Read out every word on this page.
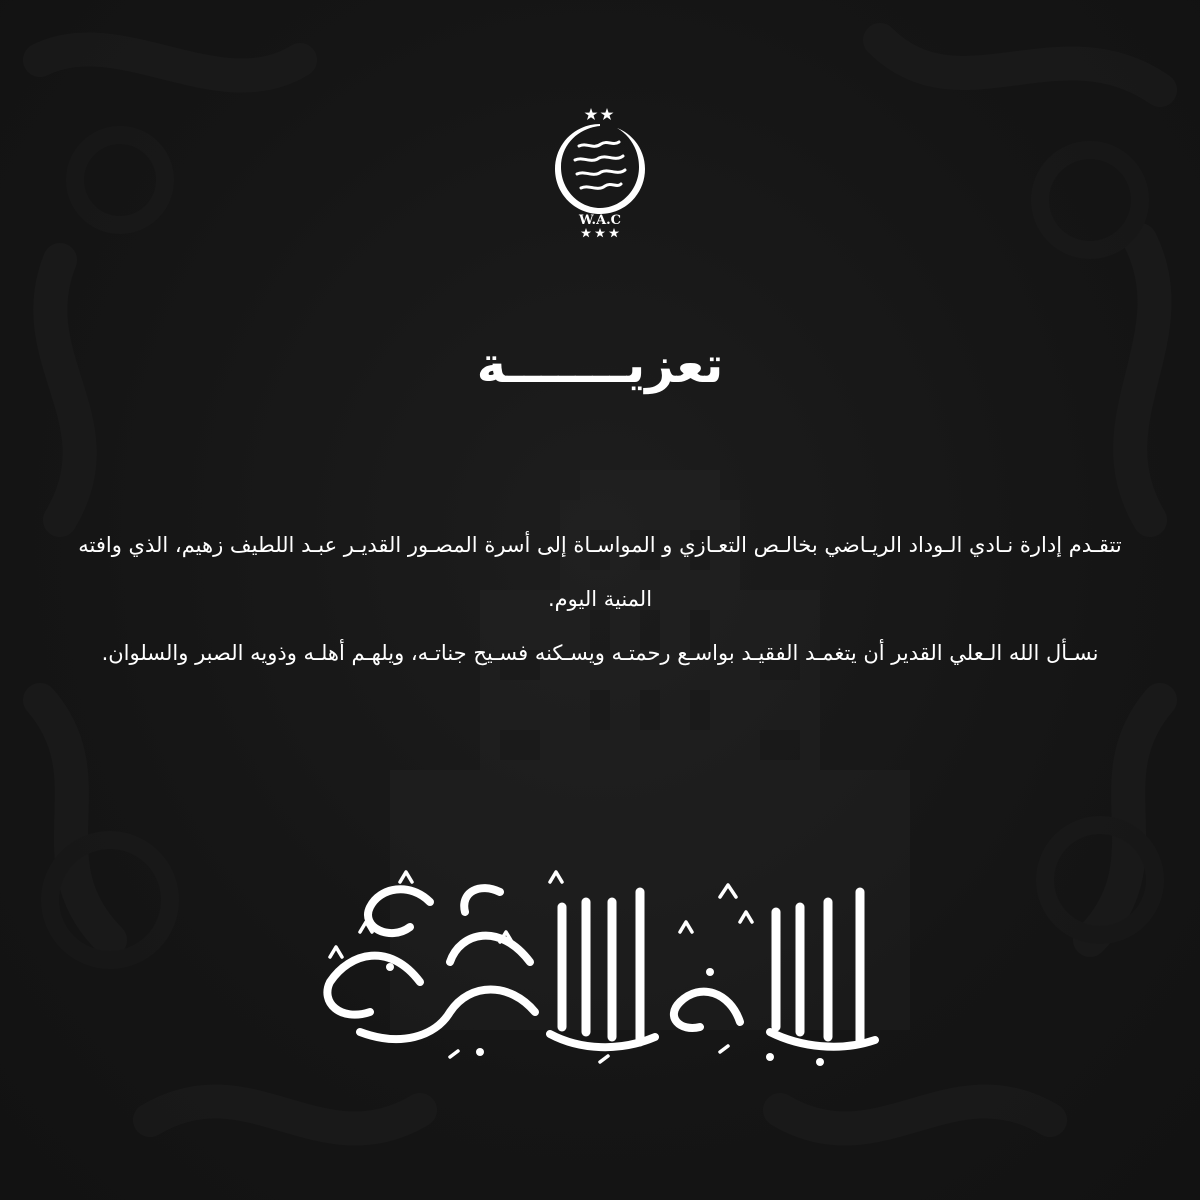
W.A.C
تعزيـــــــة

تتقـدم إدارة نـادي الـوداد الريـاضي بخالـص التعـازي و المواسـاة إلى أسرة المصـور القديـر عبـد اللطيف زهيم، الذي وافته المنية اليوم.

نسـأل الله الـعلي القدير أن يتغمـد الفقيـد بواسـع رحمتـه ويسـكنه فسـيح جناتـه، ويلهـم أهلـه وذويه الصبر والسلوان.
